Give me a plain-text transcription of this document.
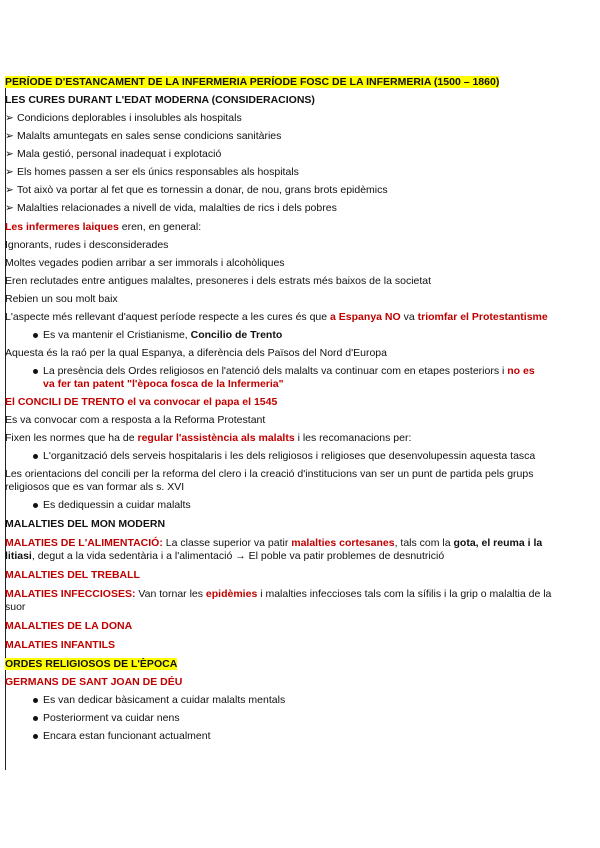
PERÍODE D'ESTANCAMENT DE LA INFERMERIA PERÍODE FOSC DE LA INFERMERIA (1500 – 1860)

LES CURES DURANT L'EDAT MODERNA (CONSIDERACIONS)

➢ Condicions deplorables i insolubles als hospitals

➢ Malalts amuntegats en sales sense condicions sanitàries

➢ Mala gestió, personal inadequat i explotació

➢ Els homes passen a ser els únics responsables als hospitals

➢ Tot això va portar al fet que es tornessin a donar, de nou, grans brots epidèmics

➢ Malalties relacionades a nivell de vida, malalties de rics i dels pobres

Les infermeres laiques eren, en general:

Ignorants, rudes i desconsiderades

Moltes vegades podien arribar a ser immorals i alcohòliques

Eren reclutades entre antigues malaltes, presoneres i dels estrats més baixos de la societat

Rebien un sou molt baix

L'aspecte més rellevant d'aquest període respecte a les cures és que a Espanya NO va triomfar el Protestantisme

Es va mantenir el Cristianisme, Concilio de Trento

Aquesta és la raó per la qual Espanya, a diferència dels Països del Nord d'Europa

La presència dels Ordes religiosos en l'atenció dels malalts va continuar com en etapes posteriors i no es
va fer tan patent "l'època fosca de la Infermeria"

El CONCILI DE TRENTO el va convocar el papa el 1545

Es va convocar com a resposta a la Reforma Protestant

Fixen les normes que ha de regular l'assistència als malalts i les recomanacions per:

L'organització dels serveis hospitalaris i les dels religiosos i religioses que desenvolupessin aquesta tasca

Les orientacions del concili per la reforma del clero i la creació d'institucions van ser un punt de partida pels grups
religiosos que es van formar als s. XVI

Es dediquessin a cuidar malalts

MALALTIES DEL MON MODERN

MALATIES DE L'ALIMENTACIÓ: La classe superior va patir malalties cortesanes, tals com la gota, el reuma i la
litiasi, degut a la vida sedentària i a l'alimentació → El poble va patir problemes de desnutrició

MALALTIES DEL TREBALL

MALATIES INFECCIOSES: Van tornar les epidèmies i malalties infeccioses tals com la sífilis i la grip o malaltia de la
suor

MALALTIES DE LA DONA

MALATIES INFANTILS

ORDES RELIGIOSOS DE L'ÈPOCA

GERMANS DE SANT JOAN DE DÉU

Es van dedicar bàsicament a cuidar malalts mentals

Posteriorment va cuidar nens

Encara estan funcionant actualment
